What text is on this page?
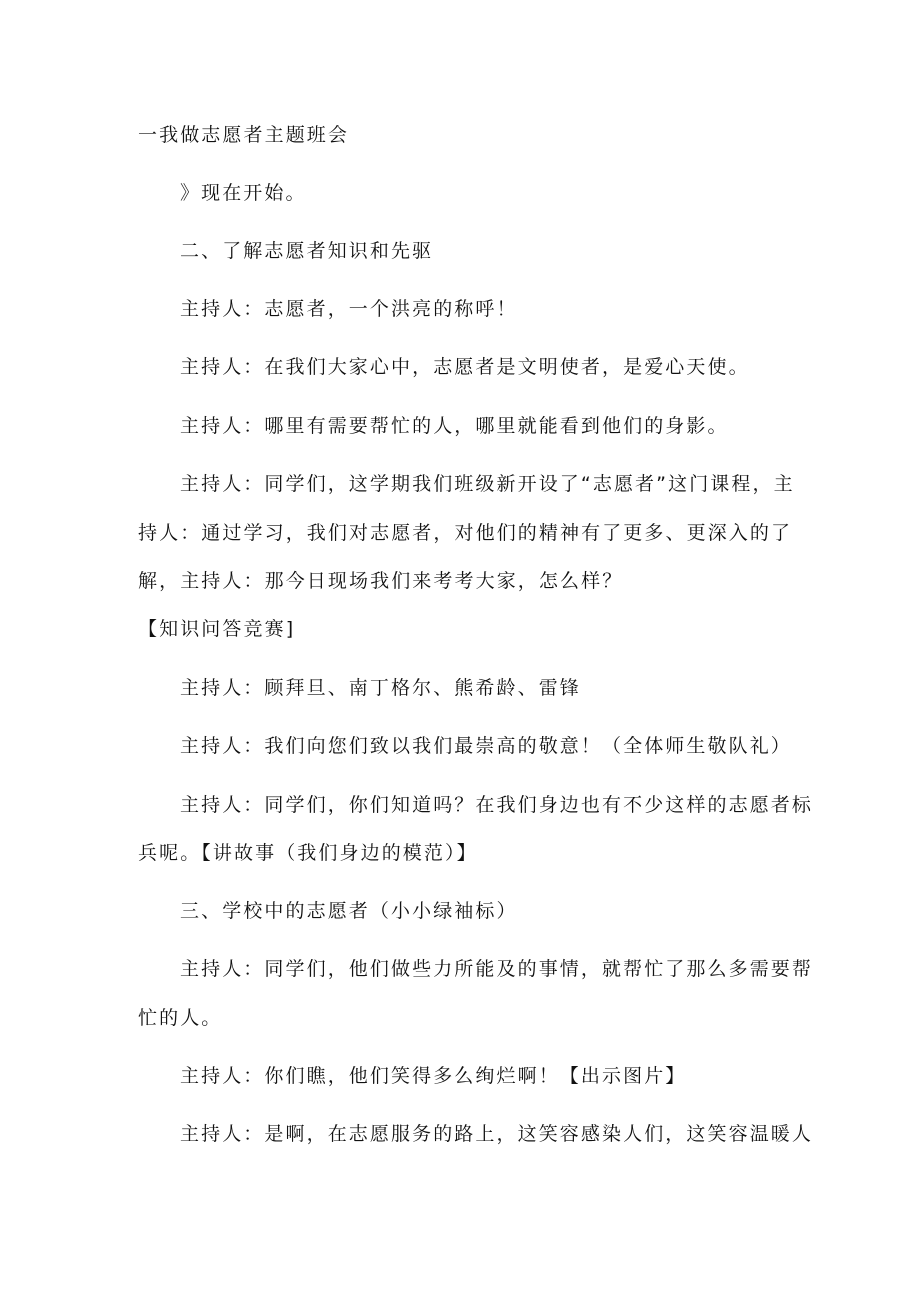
一我做志愿者主题班会
》现在开始。
二、了解志愿者知识和先驱
主持人：志愿者，一个洪亮的称呼！
主持人：在我们大家心中，志愿者是文明使者，是爱心天使。
主持人：哪里有需要帮忙的人，哪里就能看到他们的身影。
主持人：同学们，这学期我们班级新开设了“志愿者”这门课程，主
持人：通过学习，我们对志愿者，对他们的精神有了更多、更深入的了
解，主持人：那今日现场我们来考考大家，怎么样？
【知识问答竞赛]
主持人：顾拜旦、南丁格尔、熊希龄、雷锋
主持人：我们向您们致以我们最崇高的敬意！（全体师生敬队礼）
主持人：同学们，你们知道吗？在我们身边也有不少这样的志愿者标
兵呢。【讲故事（我们身边的模范）】
三、学校中的志愿者（小小绿袖标）
主持人：同学们，他们做些力所能及的事情，就帮忙了那么多需要帮
忙的人。
主持人：你们瞧，他们笑得多么绚烂啊！【出示图片】
主持人：是啊，在志愿服务的路上，这笑容感染人们，这笑容温暖人
